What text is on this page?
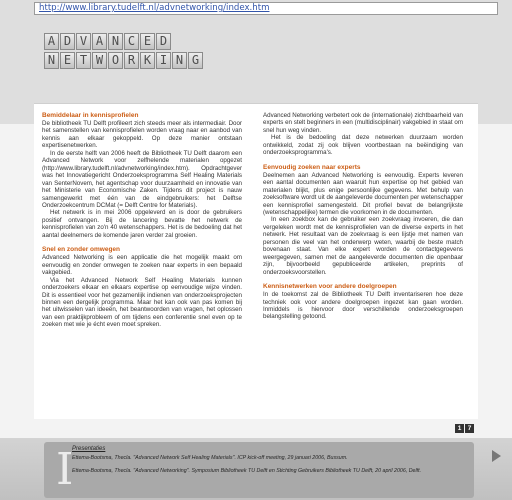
http://www.library.tudelft.nl/advnetworking/index.htm
A D V A N C E D
N E T W O R K I N G
Bemiddelaar in kennisprofielen

De bibliotheek TU Delft profileert zich steeds meer als intermediair. Door het samenstellen van kennisprofielen worden vraag naar en aanbod van kennis aan elkaar gekoppeld. Op deze manier ontstaan expertisenetwerken.

In de eerste helft van 2006 heeft de Bibliotheek TU Delft daarom een Advanced Network voor zelfhelende materialen opgezet (http://www.library.tudelft.nl/advnetworking/index.htm). Opdrachtgever was het Innovatiegericht Onderzoeksprogramma Self Healing Materials van SenterNovem, het agentschap voor duurzaamheid en innovatie van het Ministerie van Economische Zaken. Tijdens dit project is nauw samengewerkt met één van de eindgebruikers: het Delftse Onderzoekcentrum DCMat (= Delft Centre for Materials).

Het netwerk is in mei 2006 opgeleverd en is door de gebruikers positief ontvangen. Bij de lancering bevatte het netwerk de kennisprofielen van zo'n 40 wetenschappers. Het is de bedoeling dat het aantal deelnemers de komende jaren verder zal groeien.

Snel en zonder omwegen

Advanced Networking is een applicatie die het mogelijk maakt om eenvoudig en zonder omwegen te zoeken naar experts in een bepaald vakgebied.

Via het Advanced Network Self Healing Materials kunnen onderzoekers elkaar en elkaars expertise op eenvoudige wijze vinden. Dit is essentieel voor het gezamenlijk indienen van onderzoeksprojecten binnen een dergelijk programma. Maar het kan ook van pas komen bij het uitwisselen van ideeën, het beantwoorden van vragen, het oplossen van een praktijkprobleem of om tijdens een conferentie snel even op te zoeken met wie je écht even moet spreken.

Advanced Networking verbetert ook de (internationale) zichtbaarheid van experts en stelt beginners in een (multidisciplinair) vakgebied in staat om snel hun weg vinden.

Het is de bedoeling dat deze netwerken duurzaam worden ontwikkeld, zodat zij ook blijven voortbestaan na beëindiging van onderzoeksprogramma's.

Eenvoudig zoeken naar experts

Deelnemen aan Advanced Networking is eenvoudig. Experts leveren een aantal documenten aan waaruit hun expertise op het gebied van materialen blijkt, plus enige persoonlijke gegevens. Met behulp van zoeksoftware wordt uit de aangeleverde documenten per wetenschapper een kennisprofiel samengesteld. Dit profiel bevat de belangrijkste (wetenschappelijke) termen die voorkomen in de documenten.

In een zoekbox kan de gebruiker een zoekvraag invoeren, die dan vergeleken wordt met de kennisprofielen van de diverse experts in het netwerk. Het resultaat van de zoekvraag is een lijstje met namen van personen die veel van het onderwerp weten, waarbij de beste match bovenaan staat. Van elke expert worden de contactgegevens weergegeven, samen met de aangeleverde documenten die openbaar zijn, bijvoorbeeld gepubliceerde artikelen, preprints of onderzoeksvoorstellen.

Kennisnetwerken voor andere doelgroepen

In de toekomst zal de Bibliotheek TU Delft inventariseren hoe deze techniek ook voor andere doelgroepen ingezet kan gaan worden. Inmiddels is hiervoor door verschillende onderzoeksgroepen belangstelling getoond.

1 7
Ⅰ
Presentaties
Ettema-Bootsma, Thecla. "Advanced Network Self Healing Materials". ICP kick-off meeting, 29 januari 2006, Bussum.
Ettema-Bootsma, Thecla. "Advanced Networking". Symposium Bibliotheek TU Delft en Stichting Gebruikers Bibliotheek TU Delft, 20 april 2006, Delft.
